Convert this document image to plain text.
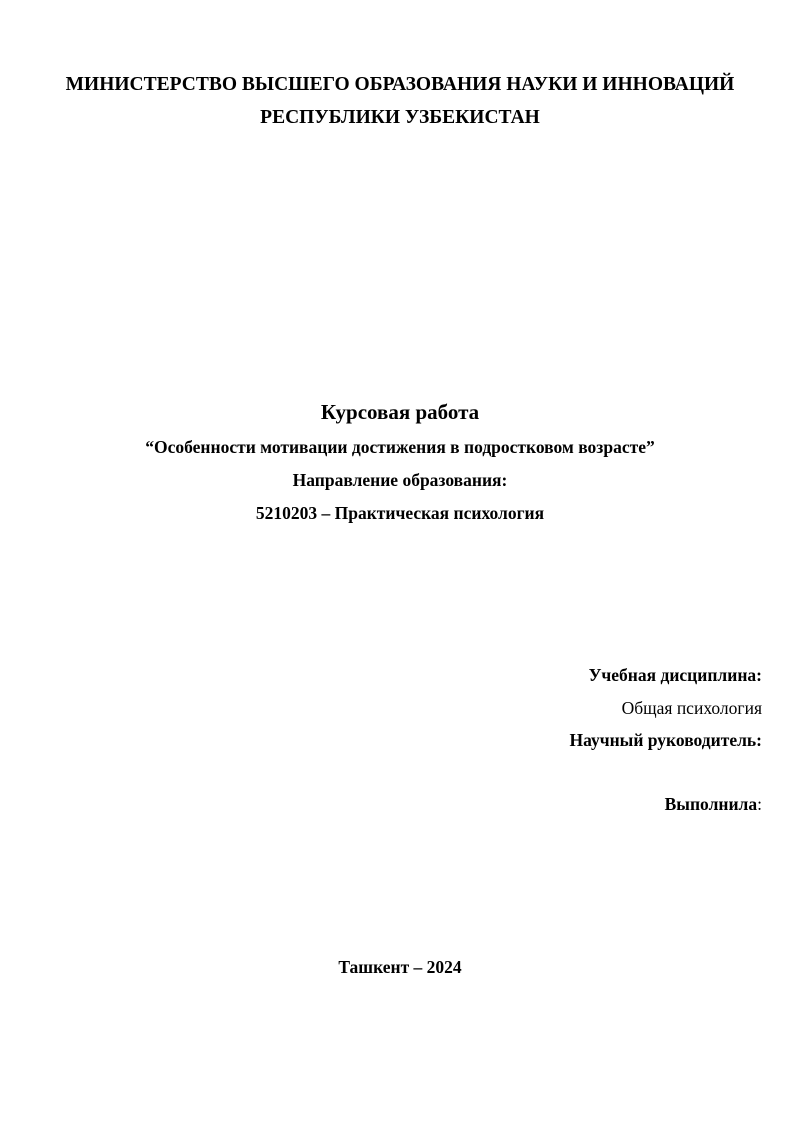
МИНИСТЕРСТВО ВЫСШЕГО ОБРАЗОВАНИЯ НАУКИ И ИННОВАЦИЙ
РЕСПУБЛИКИ УЗБЕКИСТАН
Курсовая работа
“Особенности мотивации достижения в подростковом возрасте”
Направление образования:
5210203 – Практическая психология
Учебная дисциплина:
Общая психология
Научный руководитель:
Выполнила:
Ташкент – 2024
